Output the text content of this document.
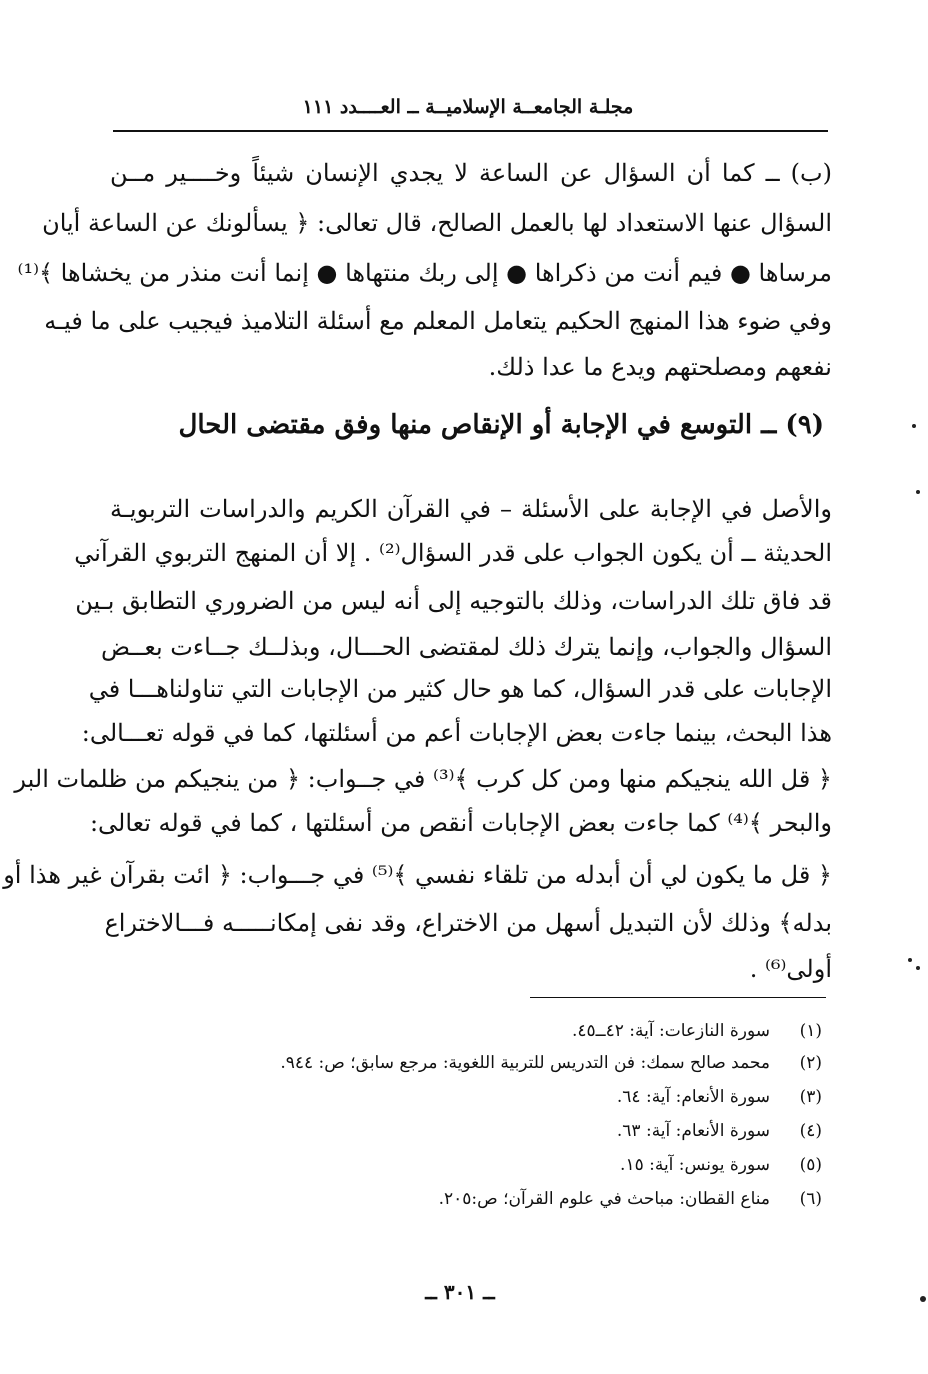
مجلـة الجامعــة الإسلاميــة ــ العــــدد ١١١
(ب) ــ كما أن السؤال عن الساعة لا يجدي الإنسان شيئاً وخــــير مــن
السؤال عنها الاستعداد لها بالعمل الصالح، قال تعالى: ﴿ يسألونك عن الساعة أيان
مرساها ● فيم أنت من ذكراها ● إلى ربك منتهاها ● إنما أنت منذر من يخشاها ﴾⁽¹⁾
وفي ضوء هذا المنهج الحكيم يتعامل المعلم مع أسئلة التلاميذ فيجيب على ما فيـه
نفعهم ومصلحتهم ويدع ما عدا ذلك.
(٩) ــ التوسع في الإجابة أو الإنقاص منها وفق مقتضى الحال
والأصل في الإجابة على الأسئلة – في القرآن الكريم والدراسات التربويـة
الحديثة ــ أن يكون الجواب على قدر السؤال⁽²⁾ . إلا أن المنهج التربوي القرآني
قد فاق تلك الدراسات، وذلك بالتوجيه إلى أنه ليس من الضروري التطابق بـين
السؤال والجواب، وإنما يترك ذلك لمقتضى الحـــال، وبذلــك جــاءت بعــض
الإجابات على قدر السؤال، كما هو حال كثير من الإجابات التي تناولناهـــا في
هذا البحث، بينما جاءت بعض الإجابات أعم من أسئلتها، كما في قوله تعـــالى:
﴿ قل الله ينجيكم منها ومن كل كرب ﴾⁽³⁾ في جــواب: ﴿ من ينجيكم من ظلمات البر
والبحر ﴾⁽⁴⁾ كما جاءت بعض الإجابات أنقص من أسئلتها ، كما في قوله تعالى:
﴿ قل ما يكون لي أن أبدله من تلقاء نفسي ﴾⁽⁵⁾ في جـــواب: ﴿ ائت بقرآن غير هذا أو
بدله﴾ وذلك لأن التبديل أسهل من الاختراع، وقد نفى إمكانـــــه فـــالاختراع
أولى⁽⁶⁾ .
(١)سورة النازعات: آية: ٤٢ــ٤٥.
(٢)محمد صالح سمك: فن التدريس للتربية اللغوية: مرجع سابق؛ ص: ٩٤٤.
(٣)سورة الأنعام: آية: ٦٤.
(٤)سورة الأنعام: آية: ٦٣.
(٥)سورة يونس: آية: ١٥.
(٦)مناع القطان: مباحث في علوم القرآن؛ ص:٢٠٥.
ــ ٣٠١ ــ
